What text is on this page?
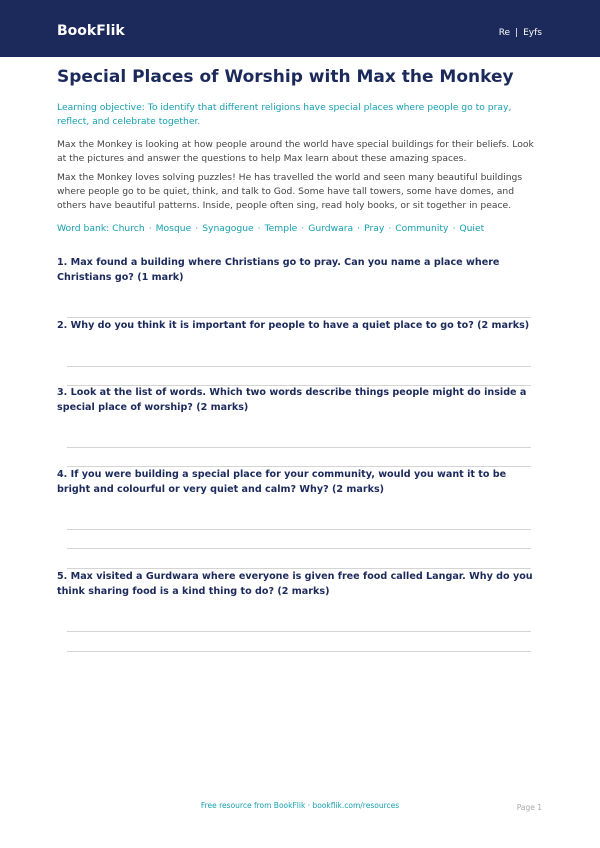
BookFlik	Re | Eyfs
Special Places of Worship with Max the Monkey

Learning objective: To identify that different religions have special places where people go to pray, reflect, and celebrate together.

Max the Monkey is looking at how people around the world have special buildings for their beliefs. Look at the pictures and answer the questions to help Max learn about these amazing spaces.

Max the Monkey loves solving puzzles! He has travelled the world and seen many beautiful buildings where people go to be quiet, think, and talk to God. Some have tall towers, some have domes, and others have beautiful patterns. Inside, people often sing, read holy books, or sit together in peace.

Word bank: Church · Mosque · Synagogue · Temple · Gurdwara · Pray · Community · Quiet

1. Max found a building where Christians go to pray. Can you name a place where Christians go? (1 mark)

2. Why do you think it is important for people to have a quiet place to go to? (2 marks)

3. Look at the list of words. Which two words describe things people might do inside a special place of worship? (2 marks)

4. If you were building a special place for your community, would you want it to be bright and colourful or very quiet and calm? Why? (2 marks)

5. Max visited a Gurdwara where everyone is given free food called Langar. Why do you think sharing food is a kind thing to do? (2 marks)

Free resource from BookFlik · bookflik.com/resources	Page 1
